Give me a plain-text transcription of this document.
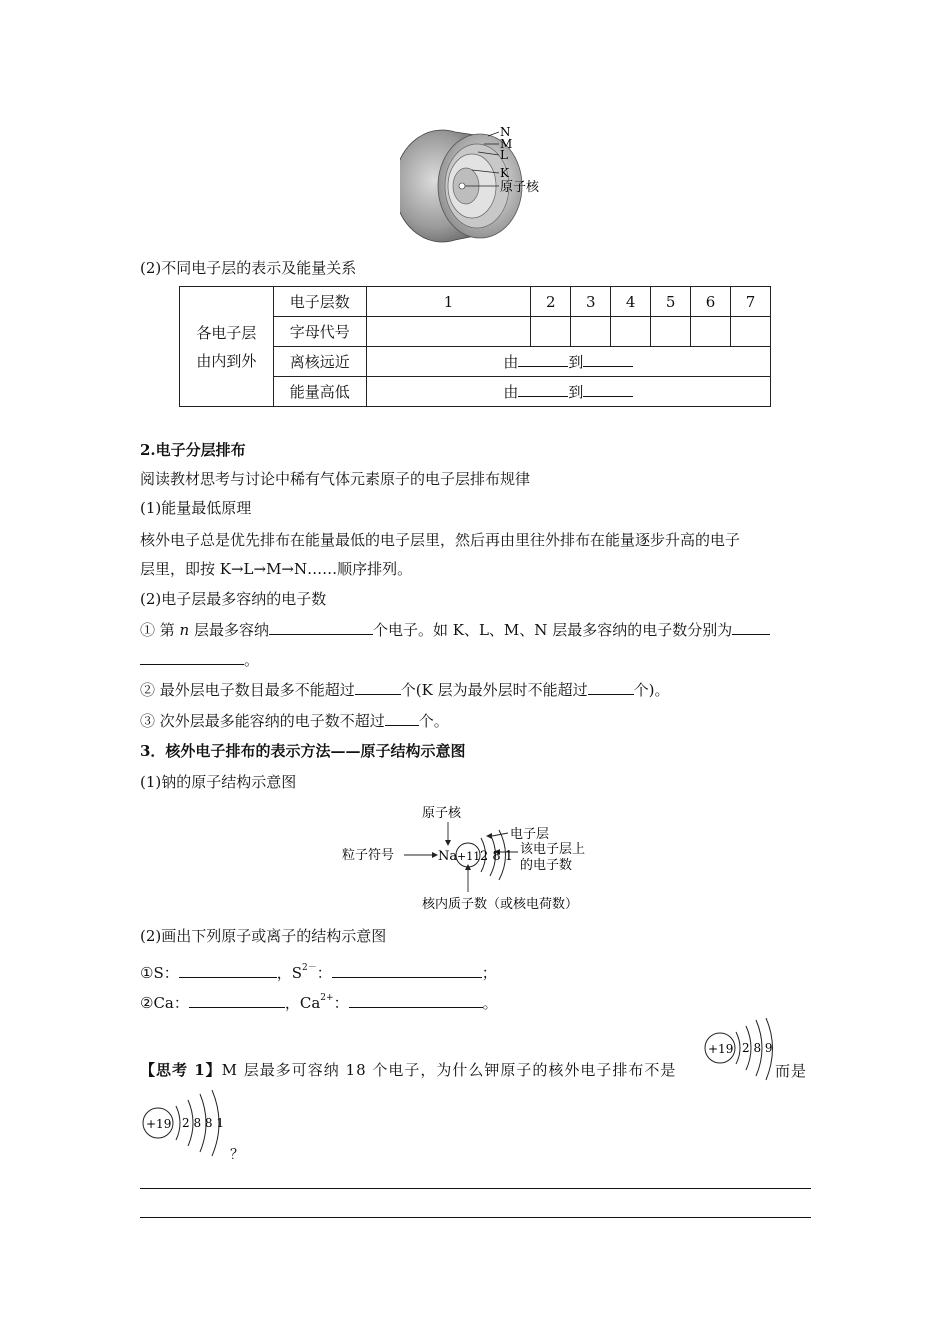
N
M
L
K
原子核
(2)不同电子层的表示及能量关系
各电子层
由内到外	电子层数	1	2	3	4	5	6	7
	字母代号							
	离核远近	由 到						
	能量高低	由 到						
2.电子分层排布
阅读教材思考与讨论中稀有气体元素原子的电子层排布规律
(1)能量最低原理
核外电子总是优先排布在能量最低的电子层里，然后再由里往外排布在能量逐步升高的电子
层里，即按 K→L→M→N……顺序排列。
(2)电子层最多容纳的电子数
① 第 n 层最多容纳	个电子。如 K、L、M、N 层最多容纳的电子数分别为
。
② 最外层电子数目最多不能超过	个(K 层为最外层时不能超过	个)。
③ 次外层最多能容纳的电子数不超过 个。
3．核外电子排布的表示方法——原子结构示意图
(1)钠的原子结构示意图
原子核
电子层
该电子层上
的电子数
粒子符号	Na +11 2 8 1
核内质子数（或核电荷数）
(2)画出下列原子或离子的结构示意图
①S：	，$S^{2-}$：	；
②Ca：	，$Ca^{2+}$：	。
【思考 1】M 层最多可容纳 18 个电子，为什么钾原子的核外电子排布不是
+19 2 8 9
而是
+19 2 8 8 1
？
